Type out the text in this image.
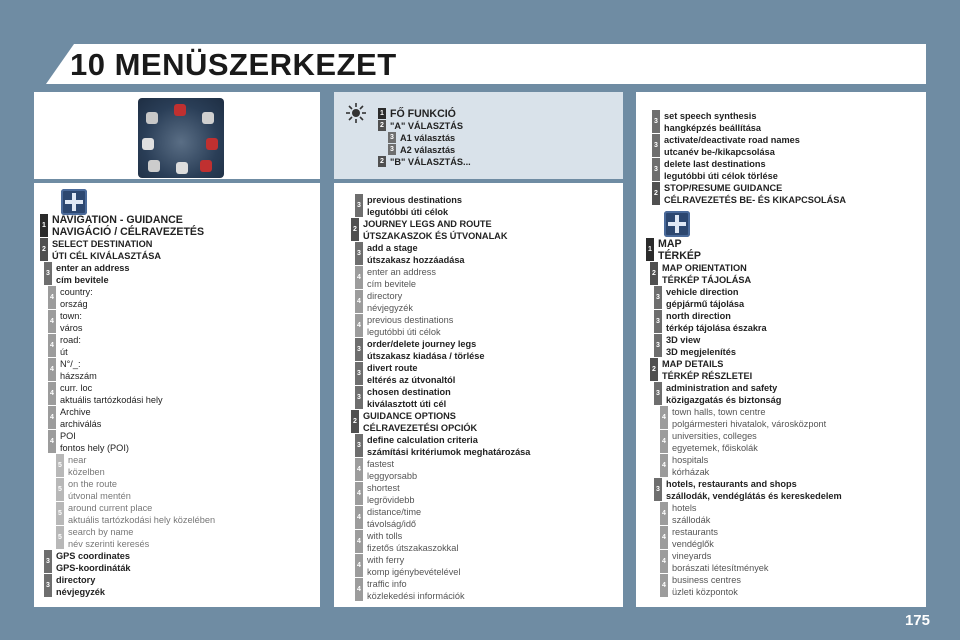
10 MENÜSZERKEZET
1 FŐ FUNKCIÓ
2 "A" VÁLASZTÁS
3 A1 választás
3 A2 választás
2 "B" VÁLASZTÁS...
1 NAVIGATION - GUIDANCE
NAVIGÁCIÓ / CÉLRAVEZETÉS
2
SELECT DESTINATION
ÚTI CÉL KIVÁLASZTÁSA
3
enter an address
cím bevitele
4
country:
ország
4
town:
város
4
road:
út
4
N°/_:
házszám
4
curr. loc
aktuális tartózkodási hely
4
Archive
archiválás
4
POI
fontos hely (POI)
5
near
közelben
5
on the route
útvonal mentén
5
around current place
aktuális tartózkodási hely közelében
5
search by name
név szerinti keresés
3
GPS coordinates
GPS-koordináták
3
directory
névjegyzék
3
previous destinations
legutóbbi úti célok
2
JOURNEY LEGS AND ROUTE
ÚTSZAKASZOK ÉS ÚTVONALAK
3
add a stage
útszakasz hozzáadása
4
enter an address
cím bevitele
4
directory
névjegyzék
4
previous destinations
legutóbbi úti célok
3
order/delete journey legs
útszakasz kiadása / törlése
3
divert route
eltérés az útvonaltól
3
chosen destination
kiválasztott úti cél
2
GUIDANCE OPTIONS
CÉLRAVEZETÉSI OPCIÓK
3
define calculation criteria
számítási kritériumok meghatározása
4
fastest
leggyorsabb
4
shortest
legrövidebb
4
distance/time
távolság/idő
4
with tolls
fizetős útszakaszokkal
4
with ferry
komp igénybevételével
4
traffic info
közlekedési információk
3
set speech synthesis
hangképzés beállítása
3
activate/deactivate road names
utcanév be-/kikapcsolása
3
delete last destinations
legutóbbi úti célok törlése
2
STOP/RESUME GUIDANCE
CÉLRAVEZETÉS BE- ÉS KIKAPCSOLÁSA
1 MAP
TÉRKÉP
2
MAP ORIENTATION
TÉRKÉP TÁJOLÁSA
3
vehicle direction
gépjármű tájolása
3
north direction
térkép tájolása északra
3
3D view
3D megjelenítés
2
MAP DETAILS
TÉRKÉP RÉSZLETEI
3
administration and safety
közigazgatás és biztonság
4
town halls, town centre
polgármesteri hivatalok, városközpont
4
universities, colleges
egyetemek, főiskolák
4
hospitals
kórházak
3
hotels, restaurants and shops
szállodák, vendéglátás és kereskedelem
4
hotels
szállodák
4
restaurants
vendéglők
4
vineyards
borászati létesítmények
4
business centres
üzleti központok
175
